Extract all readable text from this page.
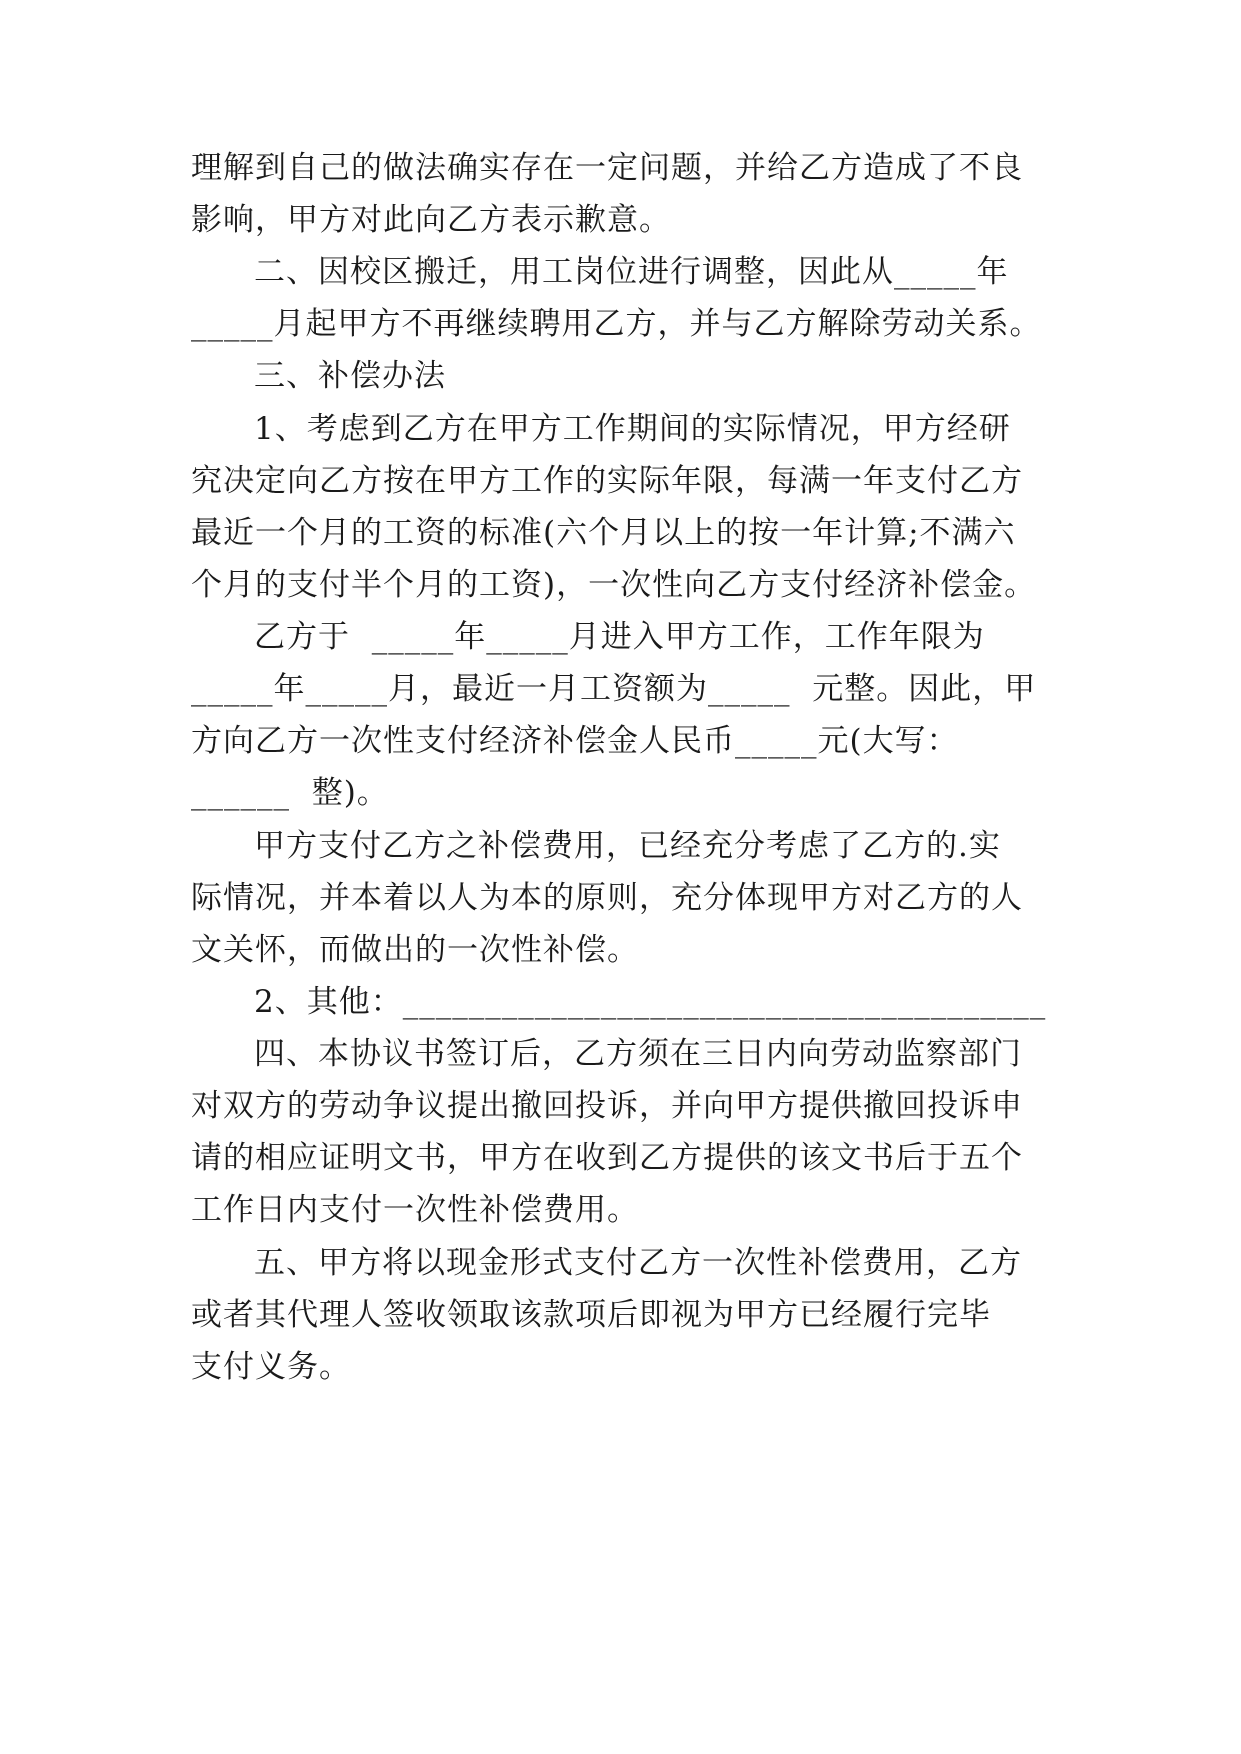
理解到自己的做法确实存在一定问题，并给乙方造成了不良
影响，甲方对此向乙方表示歉意。
二、因校区搬迁，用工岗位进行调整，因此从_____年
_____月起甲方不再继续聘用乙方，并与乙方解除劳动关系。
三、补偿办法
1、考虑到乙方在甲方工作期间的实际情况，甲方经研
究决定向乙方按在甲方工作的实际年限，每满一年支付乙方
最近一个月的工资的标准(六个月以上的按一年计算;不满六
个月的支付半个月的工资)，一次性向乙方支付经济补偿金。
乙方于  _____年_____月进入甲方工作，工作年限为
_____年_____月，最近一月工资额为_____  元整。因此，甲
方向乙方一次性支付经济补偿金人民币_____元(大写：
______  整)。
甲方支付乙方之补偿费用，已经充分考虑了乙方的.实
际情况，并本着以人为本的原则，充分体现甲方对乙方的人
文关怀，而做出的一次性补偿。
2、其他：_______________________________________
四、本协议书签订后，乙方须在三日内向劳动监察部门
对双方的劳动争议提出撤回投诉，并向甲方提供撤回投诉申
请的相应证明文书，甲方在收到乙方提供的该文书后于五个
工作日内支付一次性补偿费用。
五、甲方将以现金形式支付乙方一次性补偿费用，乙方
或者其代理人签收领取该款项后即视为甲方已经履行完毕
支付义务。
